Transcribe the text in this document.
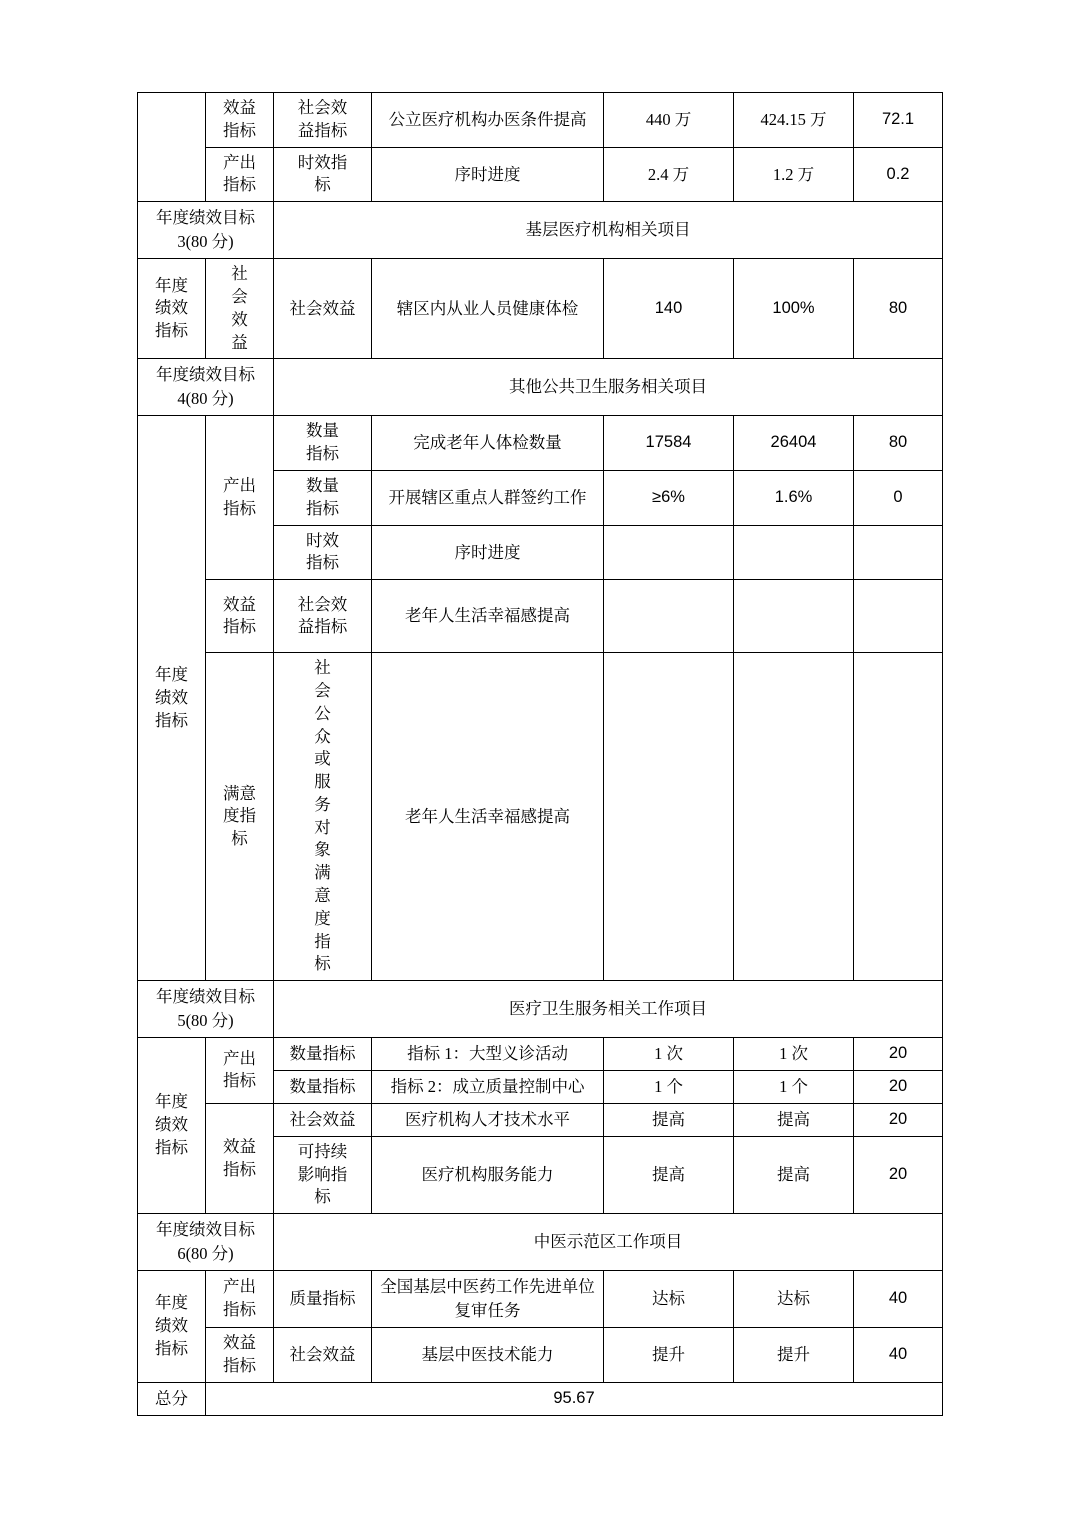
	效益指标	社会效益指标	公立医疗机构办医条件提高	440 万	424.15 万	72.1
	产出指标	时效指标	序时进度	2.4 万	1.2 万	0.2
年度绩效目标3(80 分)		基层医疗机构相关项目				
年度绩效指标	社会效益	社会效益	辖区内从业人员健康体检	140	100%	80
年度绩效目标4(80 分)		其他公共卫生服务相关项目				
年度绩效指标	产出指标	数量指标	完成老年人体检数量	17584	26404	80
		数量指标	开展辖区重点人群签约工作	≥6%	1.6%	0
		时效指标	序时进度			
	效益指标	社会效益指标	老年人生活幸福感提高			
	满意度指标	社会公众或服务对象满意度指标	老年人生活幸福感提高			
年度绩效目标5(80 分)		医疗卫生服务相关工作项目				
年度绩效指标	产出指标	数量指标	指标 1：大型义诊活动	1 次	1 次	20
		数量指标	指标 2：成立质量控制中心	1 个	1 个	20
	效益指标	社会效益	医疗机构人才技术水平	提高	提高	20
		可持续影响指标	医疗机构服务能力	提高	提高	20
年度绩效目标6(80 分)		中医示范区工作项目				
年度绩效指标	产出指标	质量指标	全国基层中医药工作先进单位复审任务	达标	达标	40
	效益指标	社会效益	基层中医技术能力	提升	提升	40
总分	95.67					
